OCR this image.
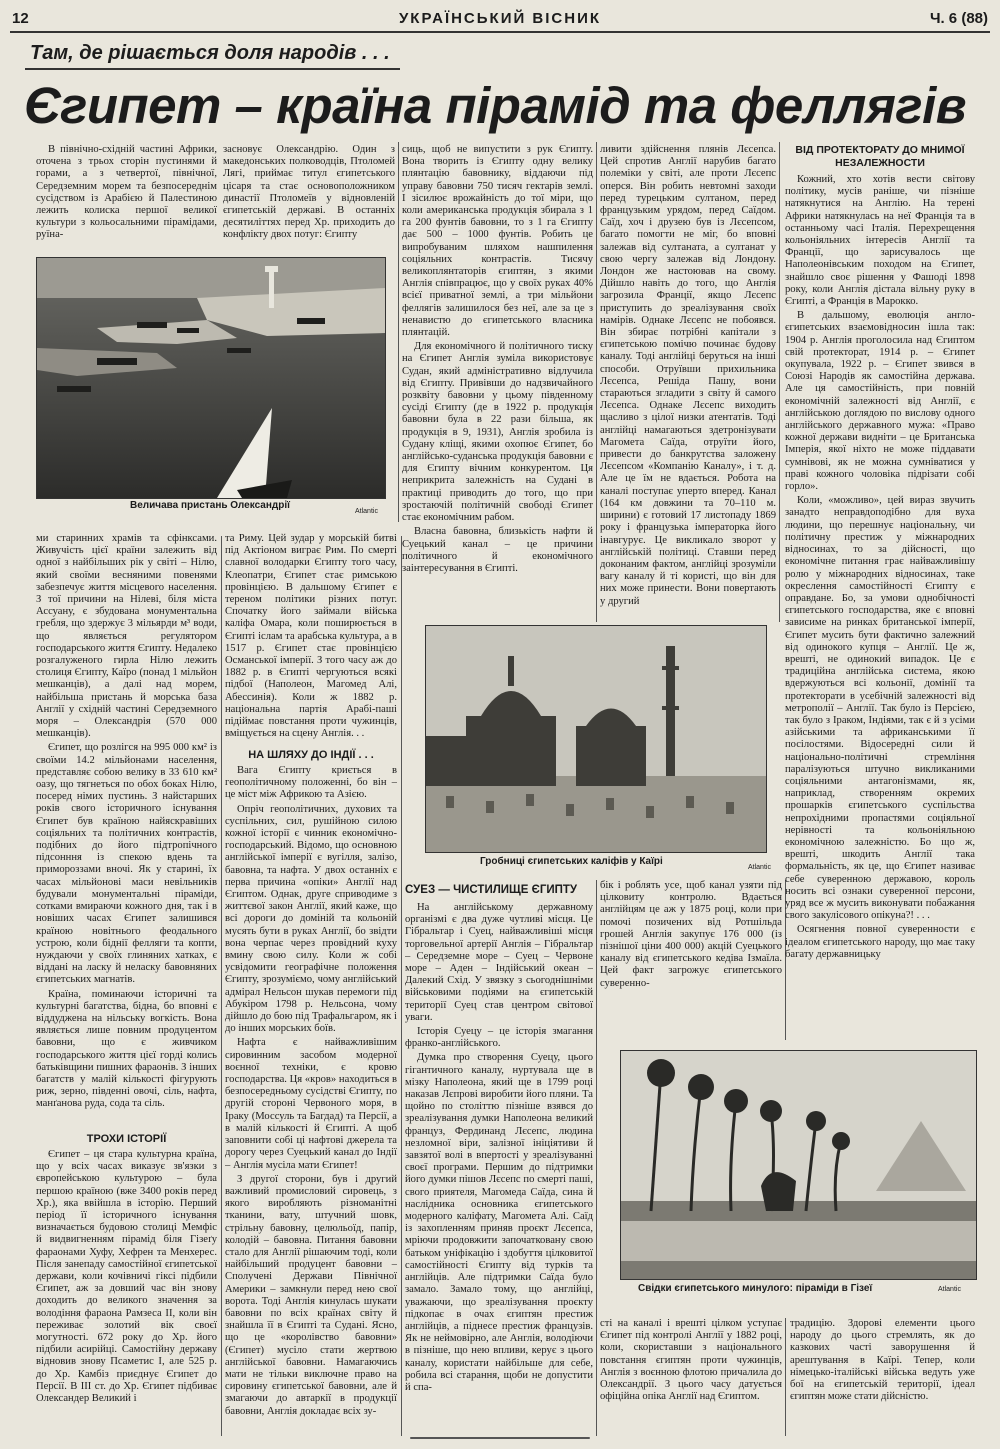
12	УКРАЇНСЬКИЙ ВІСНИК	Ч. 6 (88)
Там, де рішається доля народів . . .
Єгипет – країна пірамід та феллягів

В північно-східній частині Африки, оточена з трьох сторін пустинями й горами, а з четвертої, північної, Середземним морем та безпосереднім сусідством із Арабією й Палестиною лежить колиска першої великої культури з кольосальними пірамідами, руїна-

засновує Олександрію. Один з македонських полководців, Птоломей Лягі, приймає титул єгипетського цісаря та стає основоположником династії Птоломеїв у відновленій єгипетській державі. В останніх десятиліттях перед Хр. приходить до конфлікту двох потуг: Єгипту

Величава пристань Олександрії
Atlantic

сиць, щоб не випустити з рук Єгипту. Вона творить із Єгипту одну велику плянтацію бавовнику, віддаючи під управу бавовни 750 тисяч гектарів землі. І зісилює врожайність до тої міри, що коли американська продукція збирала з 1 га 200 фунтів бавовни, то з 1 га Єгипту дає 500 – 1000 фунтів. Робить це випробуваним шляхом нашпилення соціяльних контрастів. Тисячу великоплянтаторів єгиптян, з якими Англія співпрацює, що у своїх руках 40% всієї приватної землі, а три мільйони феллягів залишилося без неї, але за це з ненавистю до єгипетського власника плянтацій.

Для економічного й політичного тиску на Єгипет Англія зуміла використовує Судан, який адміністративно відлучила від Єгипту. Привівши до надзвичайного розквіту бавовни у цьому південному сусіді Єгипту (де в 1922 р. продукція бавовни була в 22 рази більша, як продукція в 9, 1931), Англія зробила із Судану кліщі, якими охопює Єгипет, бо англійсько-суданська продукція бавовни є для Єгипту вічним конкурентом. Ця неприкрита залежність на Судані в практиці приводить до того, що при зростаючій політичній свободі Єгипет стає економічним рабом.

Власна бавовна, близькість нафти й Суецький канал – це причини політичного й економічного заінтересування в Єгипті.

ливити здійснення плянів Лєсепса. Цей спротив Англії нарубив багато полеміки у світі, але проти Лєсепс оперся. Він робить невтомні заходи перед турецьким султаном, перед французьким урядом, перед Саїдом. Саїд, хоч і друзею був із Лєсепсом, багато помогти не міг, бо вповні залежав від султаната, а султанат у свою чергу залежав від Лондону. Лондон же настоював на свому. Дійшло навіть до того, що Англія загрозила Франції, якщо Лєсепс приступить до зреалізування своїх намірів. Однаке Лєсепс не побоявся. Він збирає потрібні капітали з єгипетською помічю починає будову каналу. Тоді англійці беруться на інші способи. Отруївши прихильника Лєсепса, Решіда Пашу, вони стараються згладити з світу й самого Лєсепса. Однаке Лєсепс виходить щасливо з цілої низки атентатів. Тоді англійці намагаються здетронізувати Магомета Саїда, отруїти його, привести до банкрутства заложену Лєсепсом «Компанію Каналу», і т. д. Але це їм не вдається. Робота на каналі поступає уперто вперед. Канал (164 км довжини та 70–110 м. ширини) є готовий 17 листопаду 1869 року і французька імператорка його інавгурує. Це викликало зворот у англійській політиці. Ставши перед доконаним фактом, англійці зрозуміли вагу каналу й ті користі, що він для них може принести. Вони повертають у другий

ВІД ПРОТЕКТОРАТУ ДО МНИМОЇ НЕЗАЛЕЖНОСТИ

Кожний, хто хотів вести світову політику, мусів раніше, чи пізніше натякнутися на Англію. На терені Африки натякнулась на неї Франція та в останньому часі Італія. Перехрещення кольоніяльних інтересів Англії та Франції, що зарисувалось ще Наполеонівським походом на Єгипет, знайшло своє рішення у Фашоді 1898 року, коли Англія дістала вільну руку в Єгипті, а Франція в Марокко.

В дальшому, еволюція англо-єгипетських взаємовідносин ішла так: 1904 р. Англія проголосила над Єгиптом свій протекторат, 1914 р. – Єгипет окупувала, 1922 р. – Єгипет звився в Союзі Народів як самостійна держава. Але ця самостійність, при повній економічній залежності від Англії, є англійською доглядою по вислову одного англійського державного мужа: «Право кожної держави видніти – це Британська Імперія, якої ніхто не може піддавати сумнівові, як не можна сумніватися у праві кожного чоловіка підрізати собі горло».

Коли, «можливо», цей вираз звучить занадто неправдоподібно для вуха людини, що перешнує національну, чи політичну престиж у міжнародних відносинах, то за дійсності, що економічне питання грає найважливішу ролю у міжнародних відносинах, таке окреслення самостійності Єгипту є оправдане. Бо, за умови однобічності єгипетського господарства, яке є вповні зависиме на ринках британської імперії, Єгипет мусить бути фактично залежний від одинокого купця – Англії. Це ж, врешті, не одинокий випадок. Це є традиційна англійська система, якою вдержуються всі кольонії, домінії та протекторати в усебічній залежності від метрополії – Англії. Так було із Персією, так було з Іраком, Індіями, так є й з усіми азійськими та африканськими її посілостями. Відосередні сили й національно-політичні стремління паралізуються штучно викликаними соціяльними антагонізмами, як, наприклад, створенням окремих прошарків єгипетського суспільства непрохідними пропастями соціяльної нерівності та кольоніяльною економічною залежністю. Бо що ж, врешті, шкодить Англії така формальність, як це, що Єгипет називає себе суверенною державою, король носить всі ознаки суверенної персони, уряд все ж мусить виконувати побажання свого закулісового опікуна?! . . .

Осягнення повної суверенности є ідеалом єгипетського народу, що має таку багату державницьку

ми старинних храмів та сфінксами. Живучість цієї країни залежить від одної з найбільших рік у світі – Нілю, який своїми весняними повенями забезпечує життя місцевого населення. З тої причини на Нілеві, біля міста Ассуану, є збудована монументальна гребля, що здержує 3 мільярди м³ води, що являється регулятором господарського життя Єгипту. Недалеко розгалуженого гирла Нілю лежить столиця Єгипту, Каїро (понад 1 мільйон мешканців), а далі над морем, найбільша пристань й морська база Англії у східній частині Середземного моря – Олександрія (570 000 мешканців).

Єгипет, що розлігся на 995 000 км² із своїми 14.2 мільйонами населення, представляє собою велику в 33 610 км² оазу, що тягнеться по обох боках Нілю, посеред німих пустинь. З найстарших років свого історичного існування Єгипет був країною найяскравіших соціяльних та політичних контрастів, подібних до його підтропічного підсонння із спекою вдень та примороззами вночі. Як у старині, їх часах мільйонові маси невільників будували монументальні піраміди, сотками вмираючи кожного дня, так і в новіших часах Єгипет залишився країною новітнього феодального устрою, коли біднії фелляги та копти, нуждаючи у своїх глиняних хатках, є віддані на ласку й неласку бавовняних єгипетських магнатів.

Країна, поминаючи історичні та культурні багатства, бідна, бо вповні є віддуджена на нільську вогкість. Вона являється лише повним продуцентом бавовни, що є живчиком господарського життя цієї горді колись батьківщини пишних фараонів. З інших багатств у малій кількості фігурують риж, зерно, південні овочі, сіль, нафта, манґанова руда, сода та сіль.

ТРОХИ ІСТОРІЇ

Єгипет – ця стара культурна країна, що у всіх часах виказує зв'язки з європейською культурою – була першою країною (вже 3400 років перед Хр.), яка ввійшла в історію. Перший період її історичного існування визначається будовою столиці Мемфіс й видвигненням пірамід біля Гізеґу фараонами Хуфу, Хефрен та Менхерес. Після занепаду самостійної єгипетської держави, коли кочівничі гіксі підбили Єгипет, аж за довший час він знову доходить до великого значення за володіння фараона Рамзеса II, коли він переживає золотий вік своєї могутності. 672 року до Хр. його підбили асирійці. Самостійну державу відновив знову Псаметис I, але 525 р. до Хр. Камбіз приєднує Єгипет до Персії. В III ст. до Хр. Єгипет підбиває Олександер Великий і

та Риму. Цей зудар у морській битві під Актіоном виграє Рим. По смерті славної володарки Єгипту того часу, Клеопатри, Єгипет стає римською провінцією. В дальшому Єгипет є тереном політики різних потуг. Спочатку його займали війська каліфа Омара, коли поширюється в Єгипті іслам та арабська культура, а в 1517 р. Єгипет стає провінцією Османської імперії. З того часу аж до 1882 р. в Єгипті чергуються всякі підбої (Наполеон, Магомед Алі, Абессинія). Коли ж 1882 р. національна партія Арабі-паші підіймає повстання проти чужинців, вміщується на сцену Англія. . .

НА ШЛЯХУ ДО ІНДІЇ . . .

Вага Єгипту криється в геополітичному положенні, бо він – це міст між Африкою та Азією.

Опріч геополітичних, духових та суспільних, сил, рушійною силою кожної історії є чинник економічно-господарський. Відомо, що основною англійської імперії є вугілля, залізо, бавовна, та нафта. У двох останніх є перва причина «опіки» Англії над Єгиптом. Однак, друге сприводиме з життєвої закон Англії, який каже, що всі дороги до доміній та кольоній мусять бути в руках Англії, бо звідти вона черпає через провідний куху вмину свою силу. Коли ж собі усвідомити географічне положення Єгипту, зрозуміємо, чому англійський адмірал Нельсон шукав перемоги під Абукіром 1798 р. Нельсона, чому дійшло до бою під Трафальгаром, як і до інших морських боїв.

Нафта є найважливішим сировинним засобом модерної воєнної техніки, є кровю господарства. Ця «кров» находиться в безпосередньому сусідстві Єгипту, по другій стороні Червоного моря, в Іраку (Моссуль та Багдад) та Персії, а в малій кількості й Єгипті. А щоб заповнити собі ці нафтові джерела та дорогу через Суецький канал до Індії – Англія мусіла мати Єгипет!

З другої сторони, був і другий важливий промисловий сировець, з якого виробляють різноманітні тканини, вату, штучний шовк, стрільну бавовну, целюльоїд, папір, колодій – бавовна. Питання бавовни стало для Англії рішаючим тоді, коли найбільший продуцент бавовни – Сполучені Держави Північної Америки – замкнули перед нею свої ворота. Тоді Англія кинулась шукати бавовни по всіх країнах світу й знайшла її в Єгипті та Судані. Ясно, що це «королівство бавовни» (Єгипет) мусіло стати жертвою англійської бавовни. Намагаючись мати не тільки виключне право на сировину єгипетської бавовни, але й змагаючи до автаркії в продукції бавовни, Англія докладає всіх зу-

Гробниці єгипетських каліфів у Каїрі
Atlantic
СУЕЗ — ЧИСТИЛИЩЕ ЄГИПТУ

На англійському державному організмі є два дуже чутливі місця. Це Гібральтар і Суец, найважливіші місця торговельної артерії Англія – Гібральтар – Середземне море – Суец – Червоне море – Аден – Індійський океан – Далекий Схід. У звязку з сьогоднішніми військовими подіями на єгипетській території Суец став центром світової уваги.

Історія Суецу – це історія змагання франко-англійського.

Думка про створення Суецу, цього гігантичного каналу, нуртувала ще в мізку Наполеона, який ще в 1799 році наказав Лєпрові виробити його пляни. Та щойно по століттю пізніше взявся до зреалізування думки Наполеона великий француз, Фердинанд Лєсепс, людина незломної віри, залізної ініціятиви й завзятої волі в впертості у зреалізуванні своєї програми. Першим до підтримки його думки пішов Лєсепс по смерті паші, свого приятеля, Магомеда Саїда, сина й наслідника основника єгипетського модерного каліфату, Магомета Алі. Саїд із захопленням приняв проєкт Лєсепса, мріючи продовжити започатковану свою батьком уніфікацію і здобуття цілковитої самостійності Єгипту від турків та англійців. Але підтримки Саїда було замало. Замало тому, що англійці, уважаючи, що зреалізування проєкту підкопає в очах єгиптян престиж англійців, а піднесе престиж французів. Як не неймовірно, але Англія, володіючи в пізніше, що нею впливи, керує з цього каналу, користати найбільше для себе, робила всі старання, щоби не допустити й спа-

бік і роблять усе, щоб канал узяти під цілковиту контролю. Вдається англійцям це аж у 1875 році, коли при помочі позичених від Ротшільда грошей Англія закупує 176 000 (із пізнішої ціни 400 000) акцій Суецького каналу від єгипетського кедіва Ізмаїла. Цей факт загрожує єгипетського суверенно-

Свідки єгипетського минулого: піраміди в Гізеї	Atlantic

сті на каналі і врешті цілком уступає Єгипет під контролі Англії у 1882 році, коли, скориставши з національного повстання єгиптян проти чужинців, Англія з воєнною флотою причалила до Олександрії. З цього часу датується офіційна опіка Англії над Єгиптом.

традицію. Здорові елементи цього народу до цього стремлять, як до казкових часті заворушення й арештування в Каїрі. Тепер, коли німецько-італійські війська ведуть уже бої на єгипетській території, ідеал єгиптян може стати дійсністю.
